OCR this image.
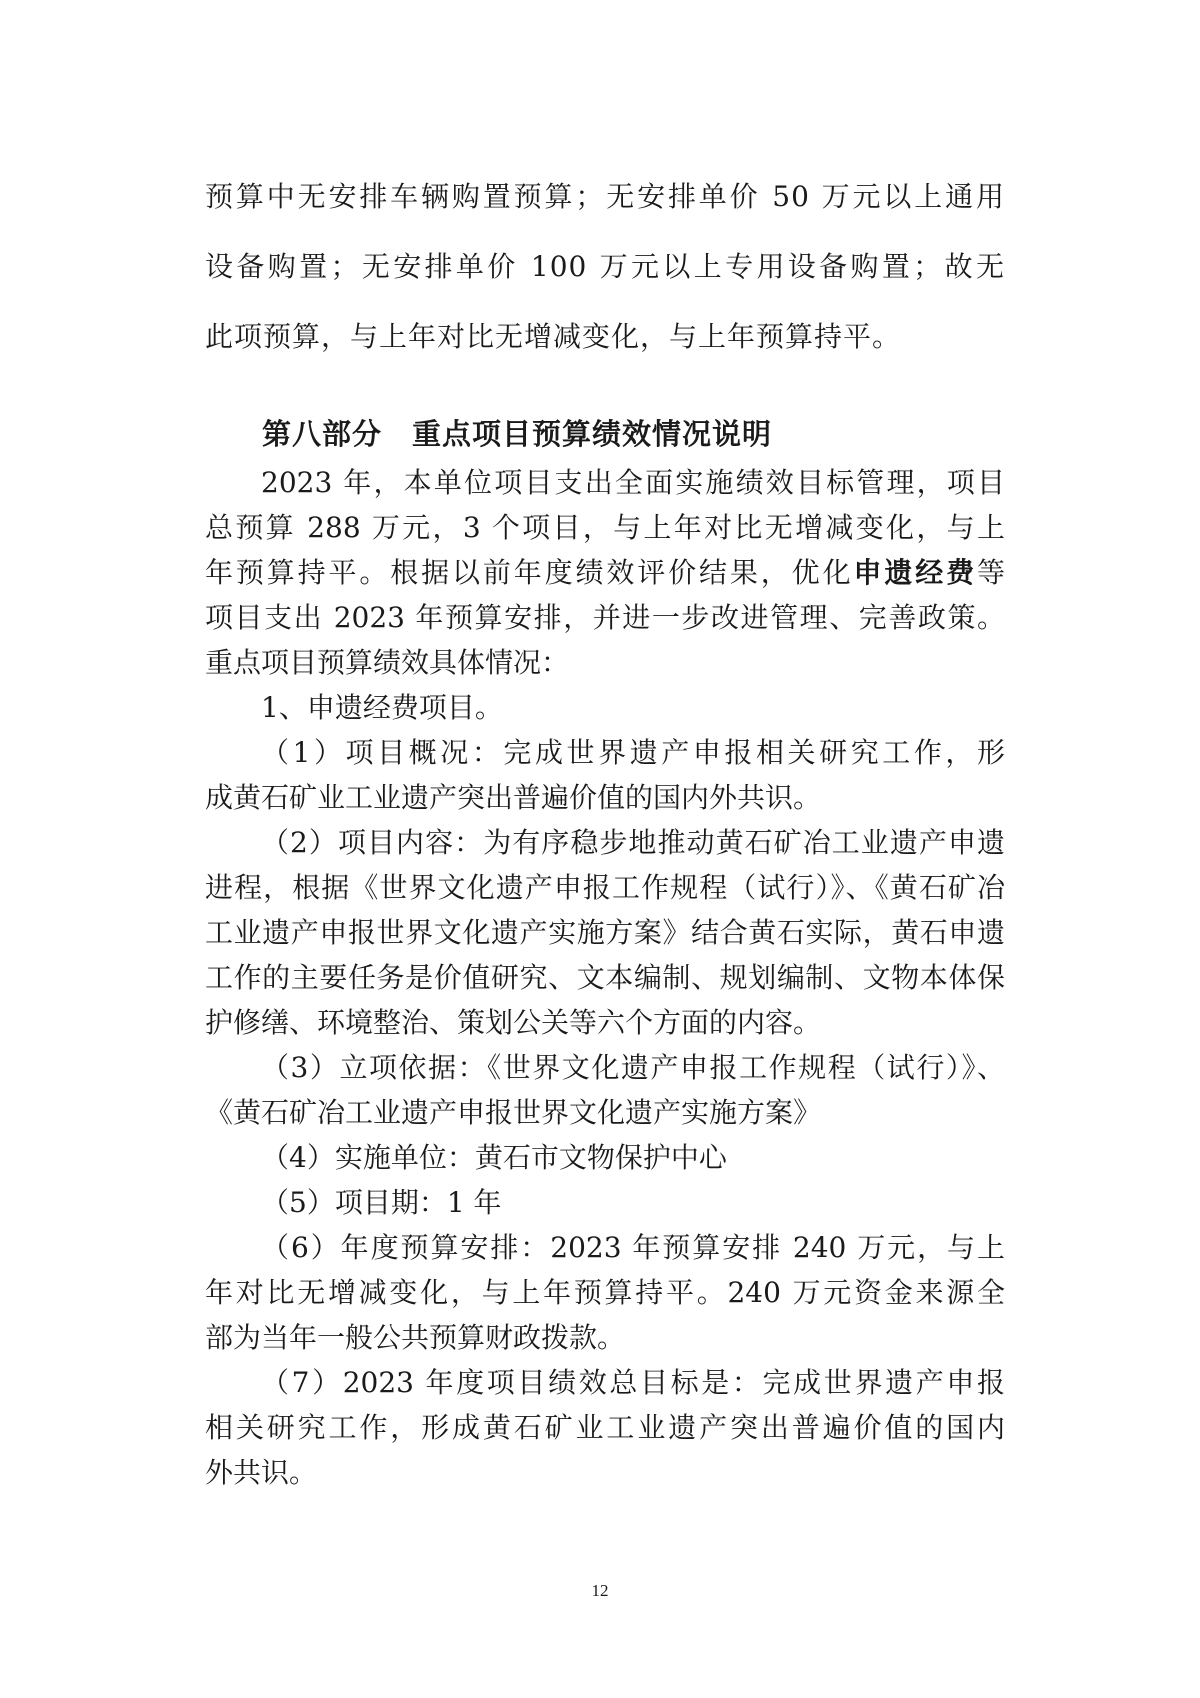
预算中无安排车辆购置预算；无安排单价 50 万元以上通用
设备购置；无安排单价 100 万元以上专用设备购置；故无
此项预算，与上年对比无增减变化，与上年预算持平。
第八部分 重点项目预算绩效情况说明
2023 年，本单位项目支出全面实施绩效目标管理，项目
总预算 288 万元，3 个项目，与上年对比无增减变化，与上
年预算持平。根据以前年度绩效评价结果，优化申遗经费等
项目支出 2023 年预算安排，并进一步改进管理、完善政策。
重点项目预算绩效具体情况：
1、申遗经费项目。
（1）项目概况：完成世界遗产申报相关研究工作，形
成黄石矿业工业遗产突出普遍价值的国内外共识。
（2）项目内容：为有序稳步地推动黄石矿冶工业遗产申遗
进程，根据《世界文化遗产申报工作规程（试行）》、《黄石矿冶
工业遗产申报世界文化遗产实施方案》结合黄石实际，黄石申遗
工作的主要任务是价值研究、文本编制、规划编制、文物本体保
护修缮、环境整治、策划公关等六个方面的内容。
（3）立项依据：《世界文化遗产申报工作规程（试行）》、
《黄石矿冶工业遗产申报世界文化遗产实施方案》
（4）实施单位：黄石市文物保护中心
（5）项目期：1 年
（6）年度预算安排：2023 年预算安排 240 万元，与上
年对比无增减变化，与上年预算持平。240 万元资金来源全
部为当年一般公共预算财政拨款。
（7）2023 年度项目绩效总目标是：完成世界遗产申报
相关研究工作，形成黄石矿业工业遗产突出普遍价值的国内
外共识。
12
